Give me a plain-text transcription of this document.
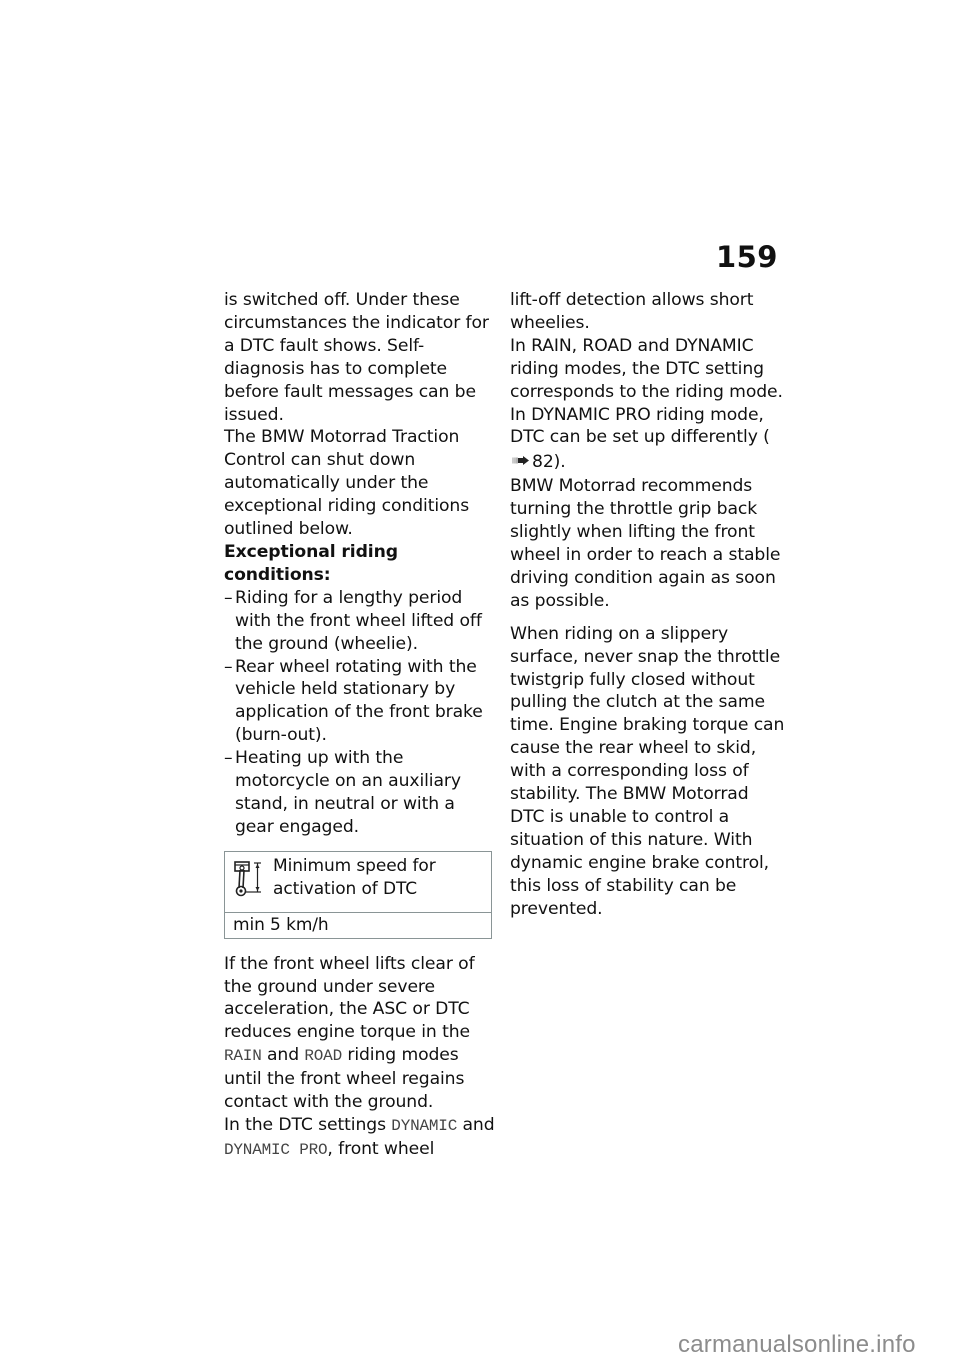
159

is switched off. Under these circumstances the indicator for a DTC fault shows. Self-diagnosis has to complete before fault messages can be issued.

The BMW Motorrad Traction Control can shut down automatically under the exceptional riding conditions outlined below.

Exceptional riding conditions:

– Riding for a lengthy period with the front wheel lifted off the ground (wheelie).
– Rear wheel rotating with the vehicle held stationary by application of the front brake (burn-out).
– Heating up with the motorcycle on an auxiliary stand, in neutral or with a gear engaged.
Minimum speed for activation of DTC
min 5 km/h

If the front wheel lifts clear of the ground under severe acceleration, the ASC or DTC reduces engine torque in the RAIN and ROAD riding modes until the front wheel regains contact with the ground.

In the DTC settings DYNAMIC and DYNAMIC PRO, front wheel

lift-off detection allows short wheelies.

In RAIN, ROAD and DYNAMIC riding modes, the DTC setting corresponds to the riding mode.

In DYNAMIC PRO riding mode, DTC can be set up differently (82).

BMW Motorrad recommends turning the throttle grip back slightly when lifting the front wheel in order to reach a stable driving condition again as soon as possible.

When riding on a slippery surface, never snap the throttle twistgrip fully closed without pulling the clutch at the same time. Engine braking torque can cause the rear wheel to skid, with a corresponding loss of stability. The BMW Motorrad DTC is unable to control a situation of this nature. With dynamic engine brake control, this loss of stability can be prevented.

carmanualsonline.info
